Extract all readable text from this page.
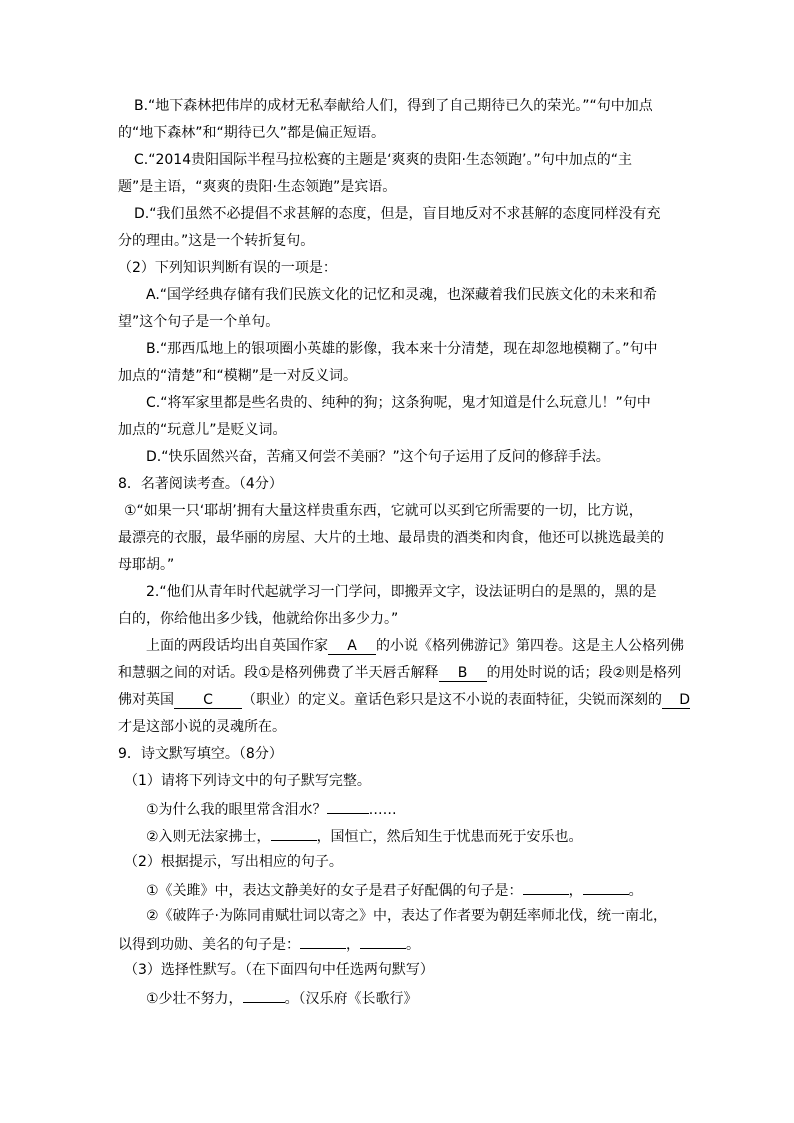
B.“地下森林把伟岸的成材无私奉献给人们，得到了自己期待已久的荣光。”“句中加点
的“地下森林”和“期待已久”都是偏正短语。
C.“2014贵阳国际半程马拉松赛的主题是‘爽爽的贵阳·生态领跑’。”句中加点的“主
题”是主语，“爽爽的贵阳·生态领跑”是宾语。
D.“我们虽然不必提倡不求甚解的态度，但是，盲目地反对不求甚解的态度同样没有充
分的理由。”这是一个转折复句。
（2）下列知识判断有误的一项是：
A.“国学经典存储有我们民族文化的记忆和灵魂，也深藏着我们民族文化的未来和希
望”这个句子是一个单句。
B.“那西瓜地上的银项圈小英雄的影像，我本来十分清楚，现在却忽地模糊了。”句中
加点的“清楚”和“模糊”是一对反义词。
C.“将军家里都是些名贵的、纯种的狗；这条狗呢，鬼才知道是什么玩意儿！”句中
加点的“玩意儿”是贬义词。
D.“快乐固然兴奋，苦痛又何尝不美丽？”这个句子运用了反问的修辞手法。
8．名著阅读考查。（4分）
①“如果一只‘耶胡’拥有大量这样贵重东西，它就可以买到它所需要的一切，比方说，
最漂亮的衣服，最华丽的房屋、大片的土地、最昂贵的酒类和肉食，他还可以挑选最美的
母耶胡。”
2.“他们从青年时代起就学习一门学问，即搬弄文字，设法证明白的是黑的，黑的是
白的，你给他出多少钱，他就给你出多少力。”
上面的两段话均出自英国作家 A 的小说《格列佛游记》第四卷。这是主人公格列佛
和慧骃之间的对话。段①是格列佛费了半天唇舌解释 B 的用处时说的话；段②则是格列
佛对英国 C （职业）的定义。童话色彩只是这不小说的表面特征，尖锐而深刻的 D
才是这部小说的灵魂所在。
9．诗文默写填空。（8分）
（1）请将下列诗文中的句子默写完整。
①为什么我的眼里常含泪水？	……
②入则无法家拂士，	，国恒亡，然后知生于忧患而死于安乐也。
（2）根据提示，写出相应的句子。
①《关雎》中，表达文静美好的女子是君子好配偶的句子是：	，	。
②《破阵子·为陈同甫赋壮词以寄之》中，表达了作者要为朝廷率师北伐，统一南北，
以得到功勋、美名的句子是：	，	。
（3）选择性默写。（在下面四句中任选两句默写）
①少壮不努力，	。（汉乐府《长歌行》
